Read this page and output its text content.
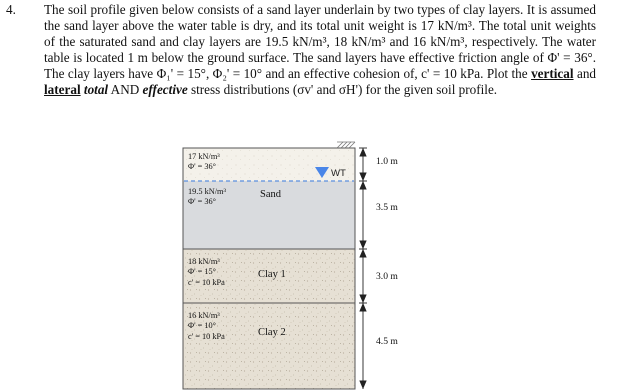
4.	The soil profile given below consists of a sand layer underlain by two types of clay layers. It is assumed the sand layer above the water table is dry, and its total unit weight is 17 kN/m³. The total unit weights of the saturated sand and clay layers are 19.5 kN/m³, 18 kN/m³ and 16 kN/m³, respectively. The water table is located 1 m below the ground surface. The sand layers have effective friction angle of Φ' = 36°. The clay layers have Φ₁' = 15°, Φ₂' = 10° and an effective cohesion of, c' = 10 kPa. Plot the vertical and lateral total AND effective stress distributions (σv' and σH') for the given soil profile.

WT
17 kN/m³
Φ' = 36°
19.5 kN/m³
Φ' = 36°
18 kN/m³
Φ' = 15°
c' = 10 kPa
16 kN/m³
Φ' = 10°
c' = 10 kPa
Sand
Clay 1
Clay 2
1.0 m
3.5 m
3.0 m
4.5 m
